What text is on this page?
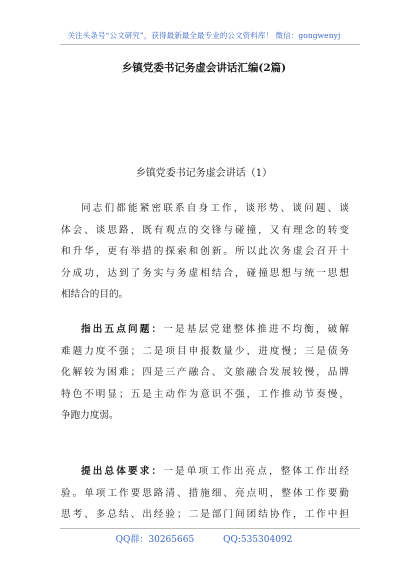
关注头条号“公文研究”，获得最新最全最专业的公文资料库！ 微信：gongwenyj
乡镇党委书记务虚会讲话汇编(2篇)
乡镇党委书记务虚会讲话（1）
同志们都能紧密联系自身工作，谈形势、谈问题、谈
体会、谈思路，既有观点的交锋与碰撞，又有理念的转变
和升华，更有举措的探索和创新。所以此次务虚会召开十
分成功，达到了务实与务虚相结合，碰撞思想与统一思想
相结合的目的。
指出五点问题：一是基层党建整体推进不均衡，破解
难题力度不强；二是项目申报数量少，进度慢；三是债务
化解较为困难；四是三产融合、文旅融合发展较慢，品牌
特色不明显；五是主动作为意识不强，工作推动节奏慢，
争跑力度弱。
提出总体要求：一是单项工作出亮点，整体工作出经
验。单项工作要思路清、措施细、亮点明，整体工作要勤
思考、多总结、出经验；二是部门间团结协作，工作中担
QQ群：30265665	QQ:535304092
